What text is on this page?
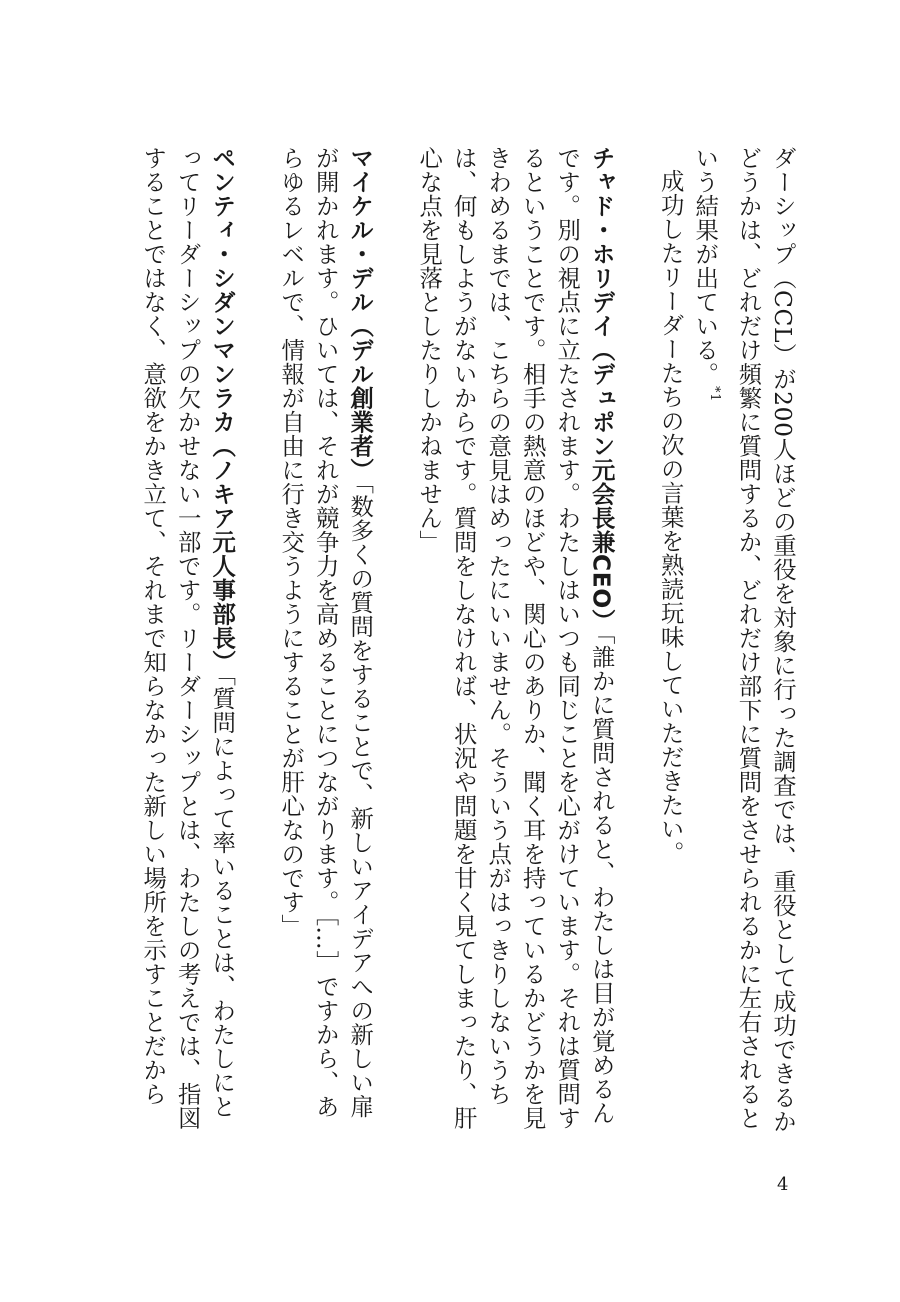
ダーシップ（CCL）が200人ほどの重役を対象に行った調査では、重役として成功できるかどうかは、どれだけ頻繁に質問するか、どれだけ部下に質問をさせられるかに左右されるという結果が出ている。$^{*1}$

成功したリーダーたちの次の言葉を熟読玩味していただきたい。

チャド・ホリデイ（デュポン元会長兼CEO）「誰かに質問されると、わたしは目が覚めるんです。別の視点に立たされます。わたしはいつも同じことを心がけています。それは質問するということです。相手の熱意のほどや、関心のありか、聞く耳を持っているかどうかを見きわめるまでは、こちらの意見はめったにいいません。そういう点がはっきりしないうちは、何もしようがないからです。質問をしなければ、状況や問題を甘く見てしまったり、肝心な点を見落としたりしかねません」

マイケル・デル（デル創業者）「数多くの質問をすることで、新しいアイデアへの新しい扉が開かれます。ひいては、それが競争力を高めることにつながります。［…］ですから、あらゆるレベルで、情報が自由に行き交うようにすることが肝心なのです」

ペンティ・シダンマンラカ（ノキア元人事部長）「質問によって率いることは、わたしにとってリーダーシップの欠かせない一部です。リーダーシップとは、わたしの考えでは、指図することではなく、意欲をかき立て、それまで知らなかった新しい場所を示すことだから

4
